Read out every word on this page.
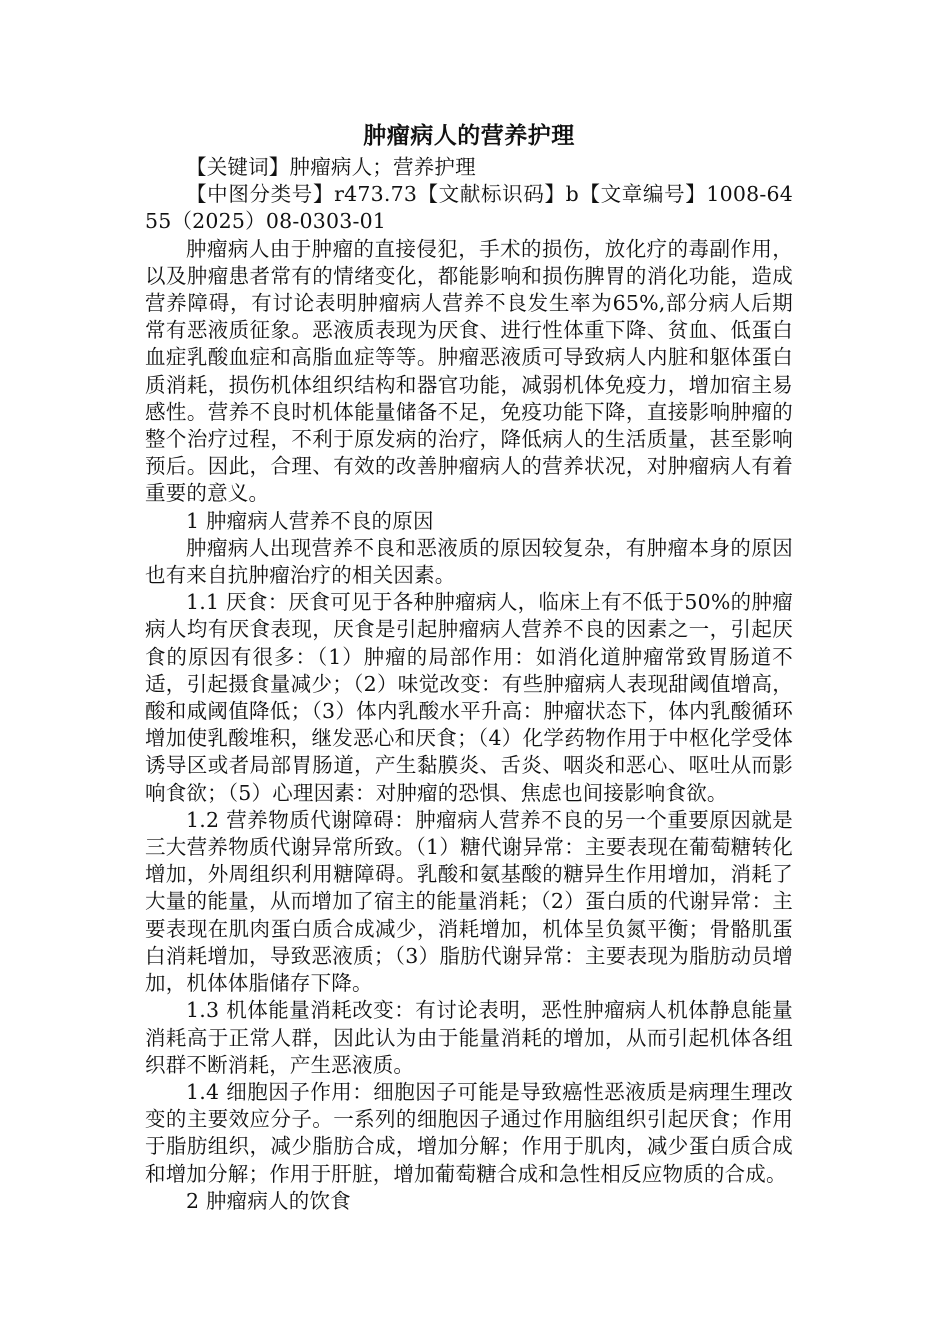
肿瘤病人的营养护理

【关键词】肿瘤病人；营养护理

【中图分类号】r473.73【文献标识码】b【文章编号】1008-6455（2025）08-0303-01

肿瘤病人由于肿瘤的直接侵犯，手术的损伤，放化疗的毒副作用，以及肿瘤患者常有的情绪变化，都能影响和损伤脾胃的消化功能，造成营养障碍，有讨论表明肿瘤病人营养不良发生率为65%,部分病人后期常有恶液质征象。恶液质表现为厌食、进行性体重下降、贫血、低蛋白血症乳酸血症和高脂血症等等。肿瘤恶液质可导致病人内脏和躯体蛋白质消耗，损伤机体组织结构和器官功能，减弱机体免疫力，增加宿主易感性。营养不良时机体能量储备不足，免疫功能下降，直接影响肿瘤的整个治疗过程，不利于原发病的治疗，降低病人的生活质量，甚至影响预后。因此，合理、有效的改善肿瘤病人的营养状况，对肿瘤病人有着重要的意义。

1 肿瘤病人营养不良的原因

肿瘤病人出现营养不良和恶液质的原因较复杂，有肿瘤本身的原因也有来自抗肿瘤治疗的相关因素。

1.1 厌食：厌食可见于各种肿瘤病人，临床上有不低于50%的肿瘤病人均有厌食表现，厌食是引起肿瘤病人营养不良的因素之一，引起厌食的原因有很多：（1）肿瘤的局部作用：如消化道肿瘤常致胃肠道不适，引起摄食量减少；（2）味觉改变：有些肿瘤病人表现甜阈值增高，酸和咸阈值降低；（3）体内乳酸水平升高：肿瘤状态下，体内乳酸循环增加使乳酸堆积，继发恶心和厌食；（4）化学药物作用于中枢化学受体诱导区或者局部胃肠道，产生黏膜炎、舌炎、咽炎和恶心、呕吐从而影响食欲；（5）心理因素：对肿瘤的恐惧、焦虑也间接影响食欲。

1.2 营养物质代谢障碍：肿瘤病人营养不良的另一个重要原因就是三大营养物质代谢异常所致。（1）糖代谢异常：主要表现在葡萄糖转化增加，外周组织利用糖障碍。乳酸和氨基酸的糖异生作用增加，消耗了大量的能量，从而增加了宿主的能量消耗；（2）蛋白质的代谢异常：主要表现在肌肉蛋白质合成减少，消耗增加，机体呈负氮平衡；骨骼肌蛋白消耗增加，导致恶液质；（3）脂肪代谢异常：主要表现为脂肪动员增加，机体体脂储存下降。

1.3 机体能量消耗改变：有讨论表明，恶性肿瘤病人机体静息能量消耗高于正常人群，因此认为由于能量消耗的增加，从而引起机体各组织群不断消耗，产生恶液质。

1.4 细胞因子作用：细胞因子可能是导致癌性恶液质是病理生理改变的主要效应分子。一系列的细胞因子通过作用脑组织引起厌食；作用于脂肪组织，减少脂肪合成，增加分解；作用于肌肉，减少蛋白质合成和增加分解；作用于肝脏，增加葡萄糖合成和急性相反应物质的合成。

2 肿瘤病人的饮食
